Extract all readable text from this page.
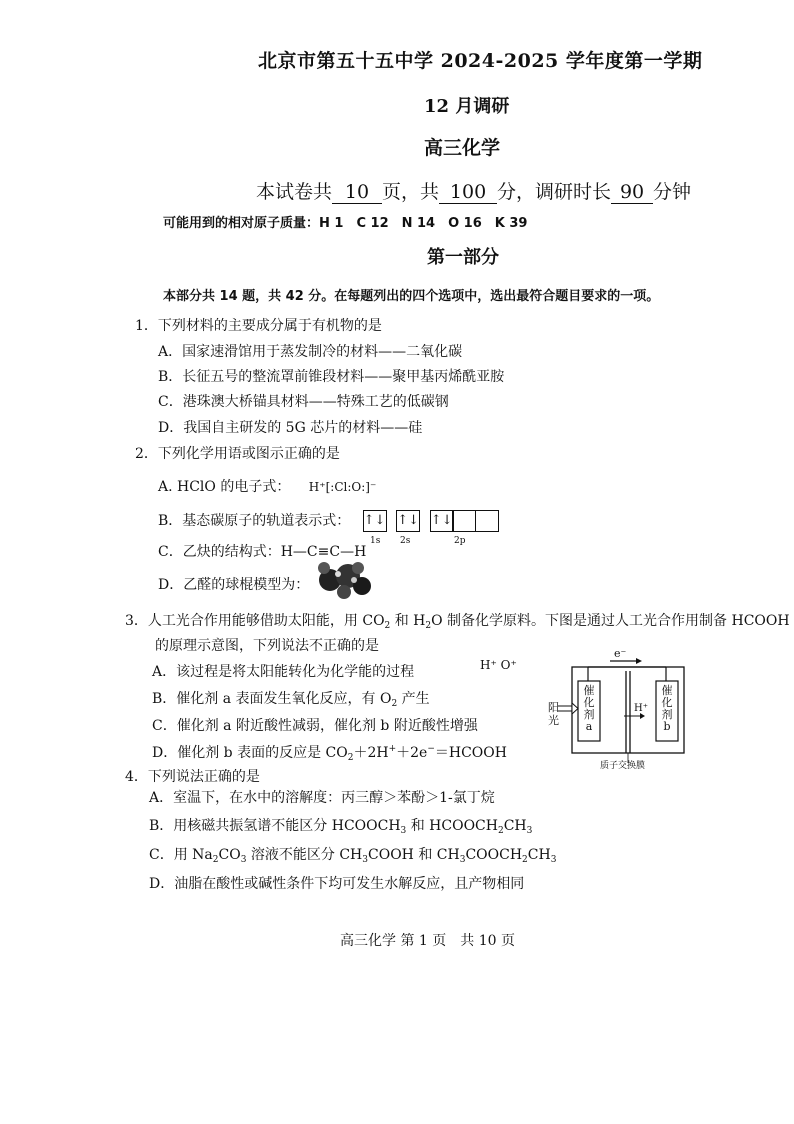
北京市第五十五中学 2024-2025 学年度第一学期
12 月调研
高三化学
本试卷共 10 页，共 100 分，调研时长 90 分钟
可能用到的相对原子质量：H 1　C 12　N 14　O 16　K 39
第一部分
本部分共 14 题，共 42 分。在每题列出的四个选项中，选出最符合题目要求的一项。
1．下列材料的主要成分属于有机物的是
A．国家速滑馆用于蒸发制冷的材料——二氧化碳
B．长征五号的整流罩前锥段材料——聚甲基丙烯酰亚胺
C．港珠澳大桥锚具材料——特殊工艺的低碳钢
D．我国自主研发的 5G 芯片的材料——硅
2．下列化学用语或图示正确的是
A. HClO 的电子式： H⁺[:Cl:O:]⁻
B．基态碳原子的轨道表示式： ↑↓ ↑↓ ↑↓
1s 2s	2p
C．乙炔的结构式：H—C≡C—H
D．乙醛的球棍模型为：
3．人工光合作用能够借助太阳能，用 $CO_2$ 和 $H_2O$ 制备化学原料。下图是通过人工光合作用制备 HCOOH
的原理示意图，下列说法不正确的是
A．该过程是将太阳能转化为化学能的过程	H⁺ O⁺
B．催化剂 a 表面发生氧化反应，有 $O_2$ 产生
C．催化剂 a 附近酸性减弱，催化剂 b 附近酸性增强
D．催化剂 b 表面的反应是 $CO_2+2H^++2e^-=HCOOH$
e⁻
阳光
催化剂a
催化剂b
H⁺
质子交换膜
4．下列说法正确的是
A．室温下，在水中的溶解度：丙三醇＞苯酚＞1-氯丁烷
B．用核磁共振氢谱不能区分 $HCOOCH_3$ 和 $HCOOCH_2CH_3$
C．用 $Na_2CO_3$ 溶液不能区分 $CH_3COOH$ 和 $CH_3COOCH_2CH_3$
D．油脂在酸性或碱性条件下均可发生水解反应，且产物相同
高三化学 第 1 页　共 10 页
